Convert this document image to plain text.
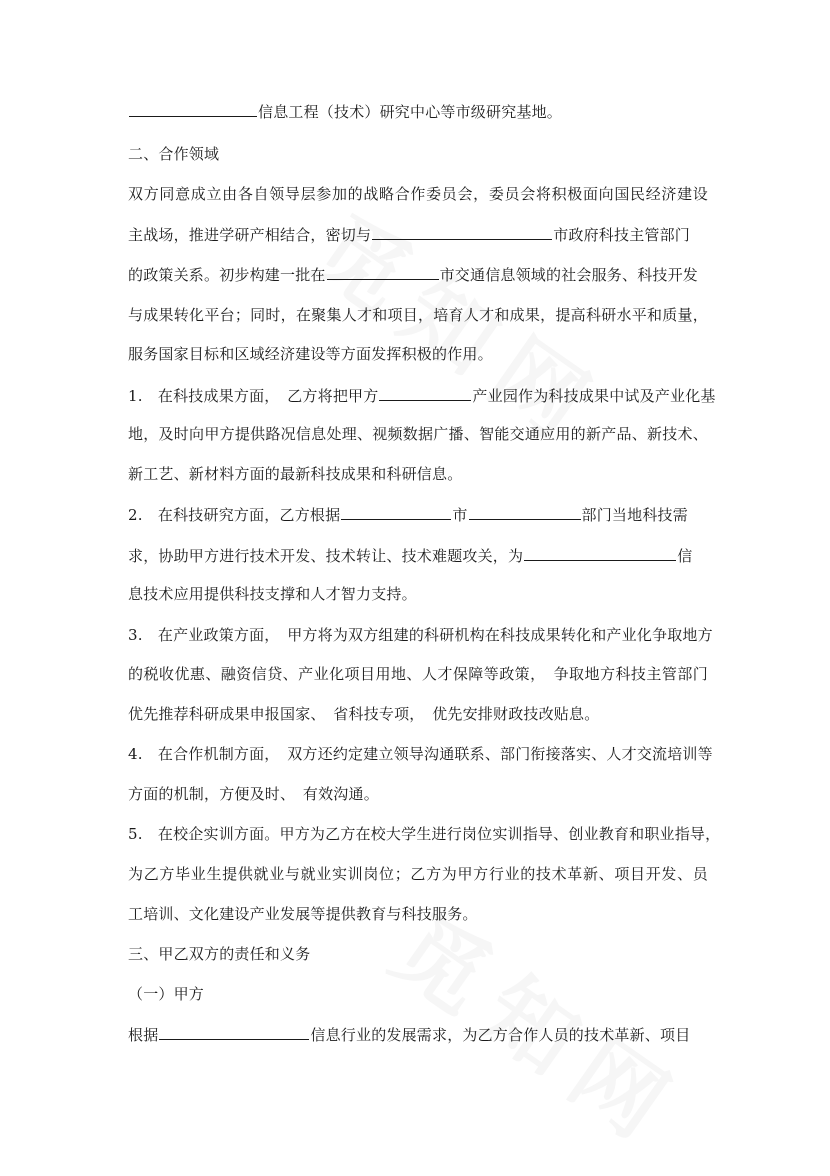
信息工程（技术）研究中心等市级研究基地。
二、合作领域
双方同意成立由各自领导层参加的战略合作委员会，委员会将积极面向国民经济建设
主战场，推进学研产相结合，密切与	市政府科技主管部门
的政策关系。初步构建一批在	市交通信息领域的社会服务、科技开发
与成果转化平台；同时，在聚集人才和项目，培育人才和成果，提高科研水平和质量，
服务国家目标和区域经济建设等方面发挥积极的作用。
1.　在科技成果方面，　乙方将把甲方	产业园作为科技成果中试及产业化基
地，及时向甲方提供路况信息处理、视频数据广播、智能交通应用的新产品、新技术、
新工艺、新材料方面的最新科技成果和科研信息。
2.　在科技研究方面，乙方根据	市	部门当地科技需
求，协助甲方进行技术开发、技术转让、技术难题攻关，为	信
息技术应用提供科技支撑和人才智力支持。
3.　在产业政策方面，　甲方将为双方组建的科研机构在科技成果转化和产业化争取地方
的税收优惠、融资信贷、产业化项目用地、人才保障等政策，　争取地方科技主管部门
优先推荐科研成果申报国家、　省科技专项，　优先安排财政技改贴息。
4.　在合作机制方面，　双方还约定建立领导沟通联系、部门衔接落实、人才交流培训等
方面的机制，方便及时、　有效沟通。
5.　在校企实训方面。甲方为乙方在校大学生进行岗位实训指导、创业教育和职业指导，
为乙方毕业生提供就业与就业实训岗位；乙方为甲方行业的技术革新、项目开发、员
工培训、文化建设产业发展等提供教育与科技服务。
三、甲乙双方的责任和义务
（一）甲方
根据	信息行业的发展需求，为乙方合作人员的技术革新、项目
